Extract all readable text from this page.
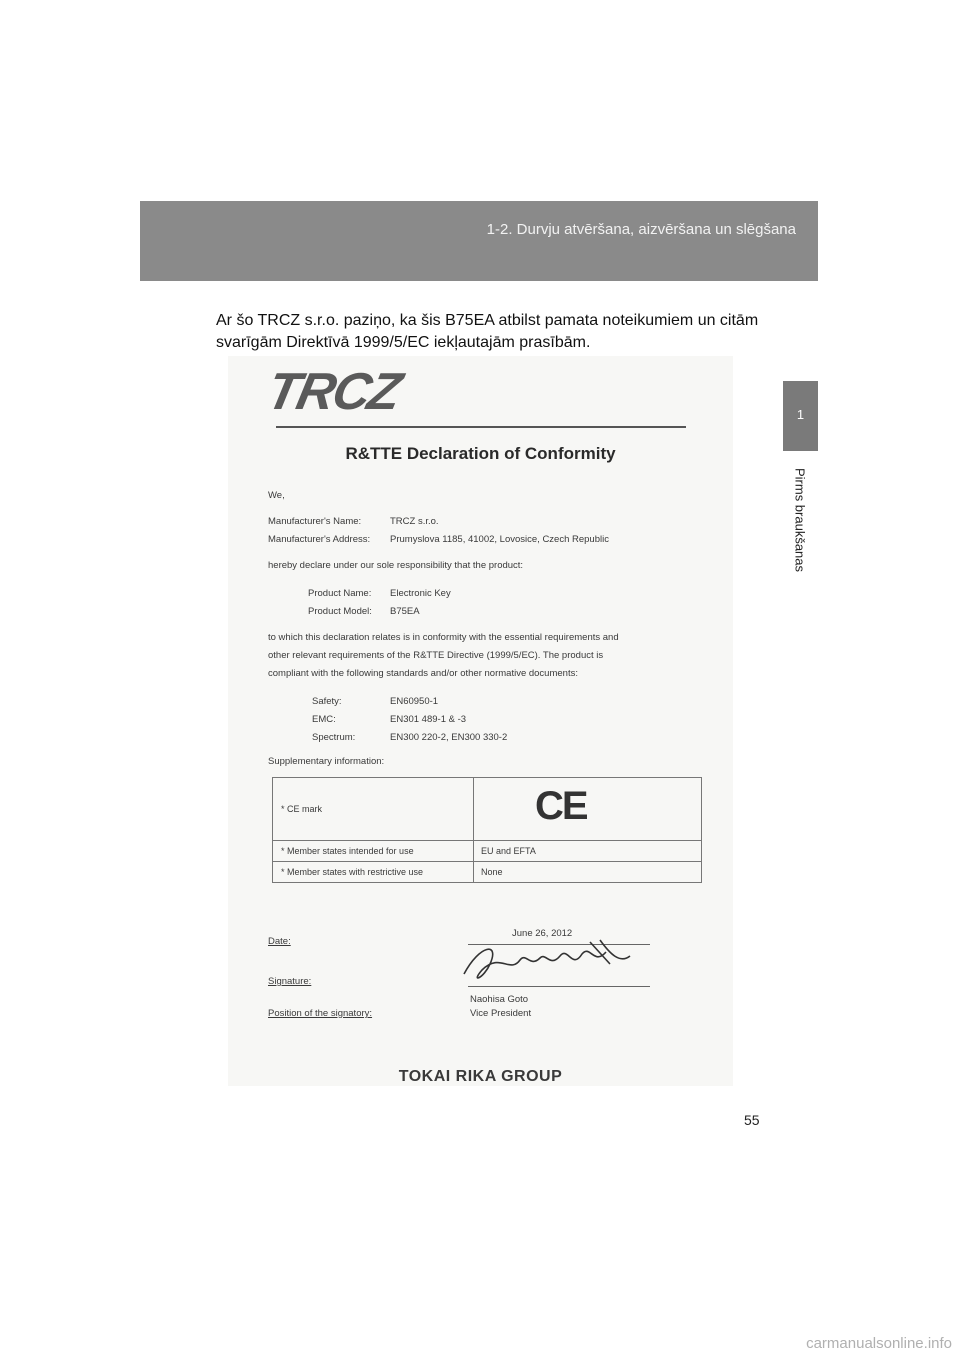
1-2. Durvju atvēršana, aizvēršana un slēgšana
1
Pirms braukšanas
Ar šo TRCZ s.r.o. paziņo, ka šis B75EA atbilst pamata noteikumiem un citām
svarīgām Direktīvā 1999/5/EC iekļautajām prasībām.
TRCZ
R&TTE Declaration of Conformity
We,
Manufacturer's Name:	TRCZ s.r.o.
Manufacturer's Address: Prumyslova 1185, 41002, Lovosice, Czech Republic
hereby declare under our sole responsibility that the product:
Product Name: Electronic Key
Product Model: B75EA
to which this declaration relates is in conformity with the essential requirements and
other relevant requirements of the R&TTE Directive (1999/5/EC). The product is
compliant with the following standards and/or other normative documents:
Safety:	EN60950-1
EMC:	EN301 489-1 & -3
Spectrum:	EN300 220-2, EN300 330-2
Supplementary information:
* CE mark	CE
* Member states intended for use	EU and EFTA
* Member states with restrictive use	None
Date:
June 26, 2012
Signature:
Naohisa Goto
Position of the signatory:	Vice President
TOKAI RIKA GROUP
55
carmanualsonline.info
